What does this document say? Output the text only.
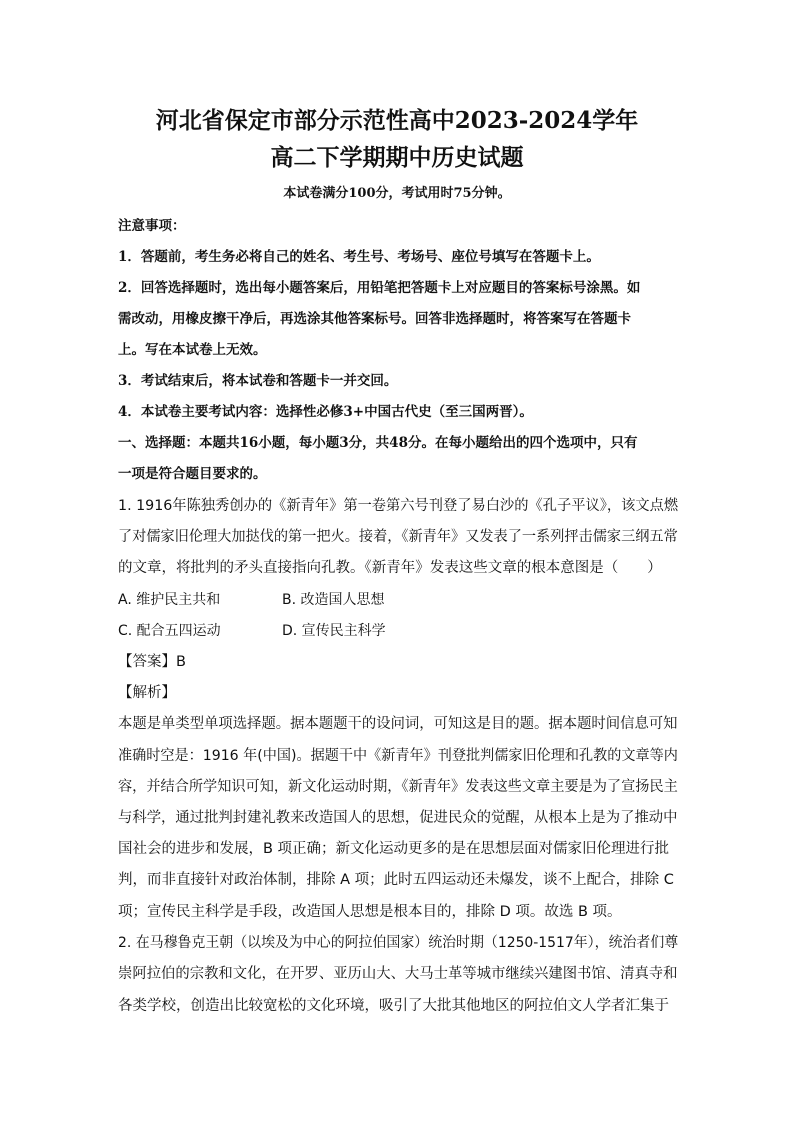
河北省保定市部分示范性高中2023-2024学年
高二下学期期中历史试题
本试卷满分100分，考试用时75分钟。
注意事项：
1．答题前，考生务必将自己的姓名、考生号、考场号、座位号填写在答题卡上。
2．回答选择题时，选出每小题答案后，用铅笔把答题卡上对应题目的答案标号涂黑。如
需改动，用橡皮擦干净后，再选涂其他答案标号。回答非选择题时，将答案写在答题卡
上。写在本试卷上无效。
3．考试结束后，将本试卷和答题卡一并交回。
4．本试卷主要考试内容：选择性必修3+中国古代史（至三国两晋）。
一、选择题：本题共16小题，每小题3分，共48分。在每小题给出的四个选项中，只有
一项是符合题目要求的。
1. 1916年陈独秀创办的《新青年》第一卷第六号刊登了易白沙的《孔子平议》，该文点燃
了对儒家旧伦理大加挞伐的第一把火。接着，《新青年》又发表了一系列抨击儒家三纲五常
的文章，将批判的矛头直接指向孔教。《新青年》发表这些文章的根本意图是（　　）
A. 维护民主共和	B. 改造国人思想
C. 配合五四运动	D. 宣传民主科学
【答案】B
【解析】
本题是单类型单项选择题。据本题题干的设问词，可知这是目的题。据本题时间信息可知
准确时空是：1916 年(中国)。据题干中《新青年》刊登批判儒家旧伦理和孔教的文章等内
容，并结合所学知识可知，新文化运动时期，《新青年》发表这些文章主要是为了宣扬民主
与科学，通过批判封建礼教来改造国人的思想，促进民众的觉醒，从根本上是为了推动中
国社会的进步和发展，B 项正确；新文化运动更多的是在思想层面对儒家旧伦理进行批
判，而非直接针对政治体制，排除 A 项；此时五四运动还未爆发，谈不上配合，排除 C
项；宣传民主科学是手段，改造国人思想是根本目的，排除 D 项。故选 B 项。
2. 在马穆鲁克王朝（以埃及为中心的阿拉伯国家）统治时期（1250-1517年），统治者们尊
崇阿拉伯的宗教和文化，在开罗、亚历山大、大马士革等城市继续兴建图书馆、清真寺和
各类学校，创造出比较宽松的文化环境，吸引了大批其他地区的阿拉伯文人学者汇集于
